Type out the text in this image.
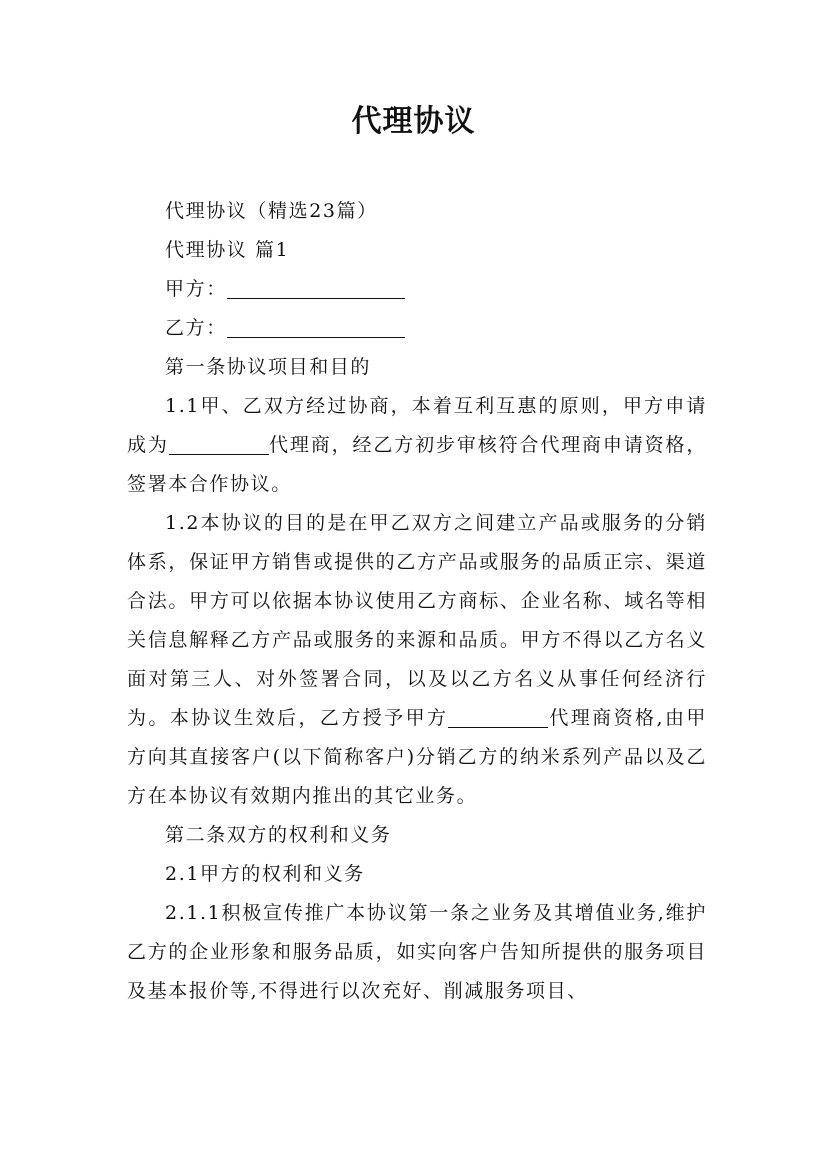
代理协议

代理协议（精选23篇）

代理协议 篇1

甲方：

乙方：

第一条协议项目和目的

1.1甲、乙双方经过协商，本着互利互惠的原则，甲方申请成为	代理商，经乙方初步审核符合代理商申请资格，签署本合作协议。

1.2本协议的目的是在甲乙双方之间建立产品或服务的分销体系，保证甲方销售或提供的乙方产品或服务的品质正宗、渠道合法。甲方可以依据本协议使用乙方商标、企业名称、域名等相关信息解释乙方产品或服务的来源和品质。甲方不得以乙方名义面对第三人、对外签署合同，以及以乙方名义从事任何经济行为。本协议生效后，乙方授予甲方	代理商资格,由甲方向其直接客户(以下简称客户)分销乙方的纳米系列产品以及乙方在本协议有效期内推出的其它业务。

第二条双方的权利和义务

2.1甲方的权利和义务

2.1.1积极宣传推广本协议第一条之业务及其增值业务,维护乙方的企业形象和服务品质，如实向客户告知所提供的服务项目及基本报价等,不得进行以次充好、削减服务项目、
